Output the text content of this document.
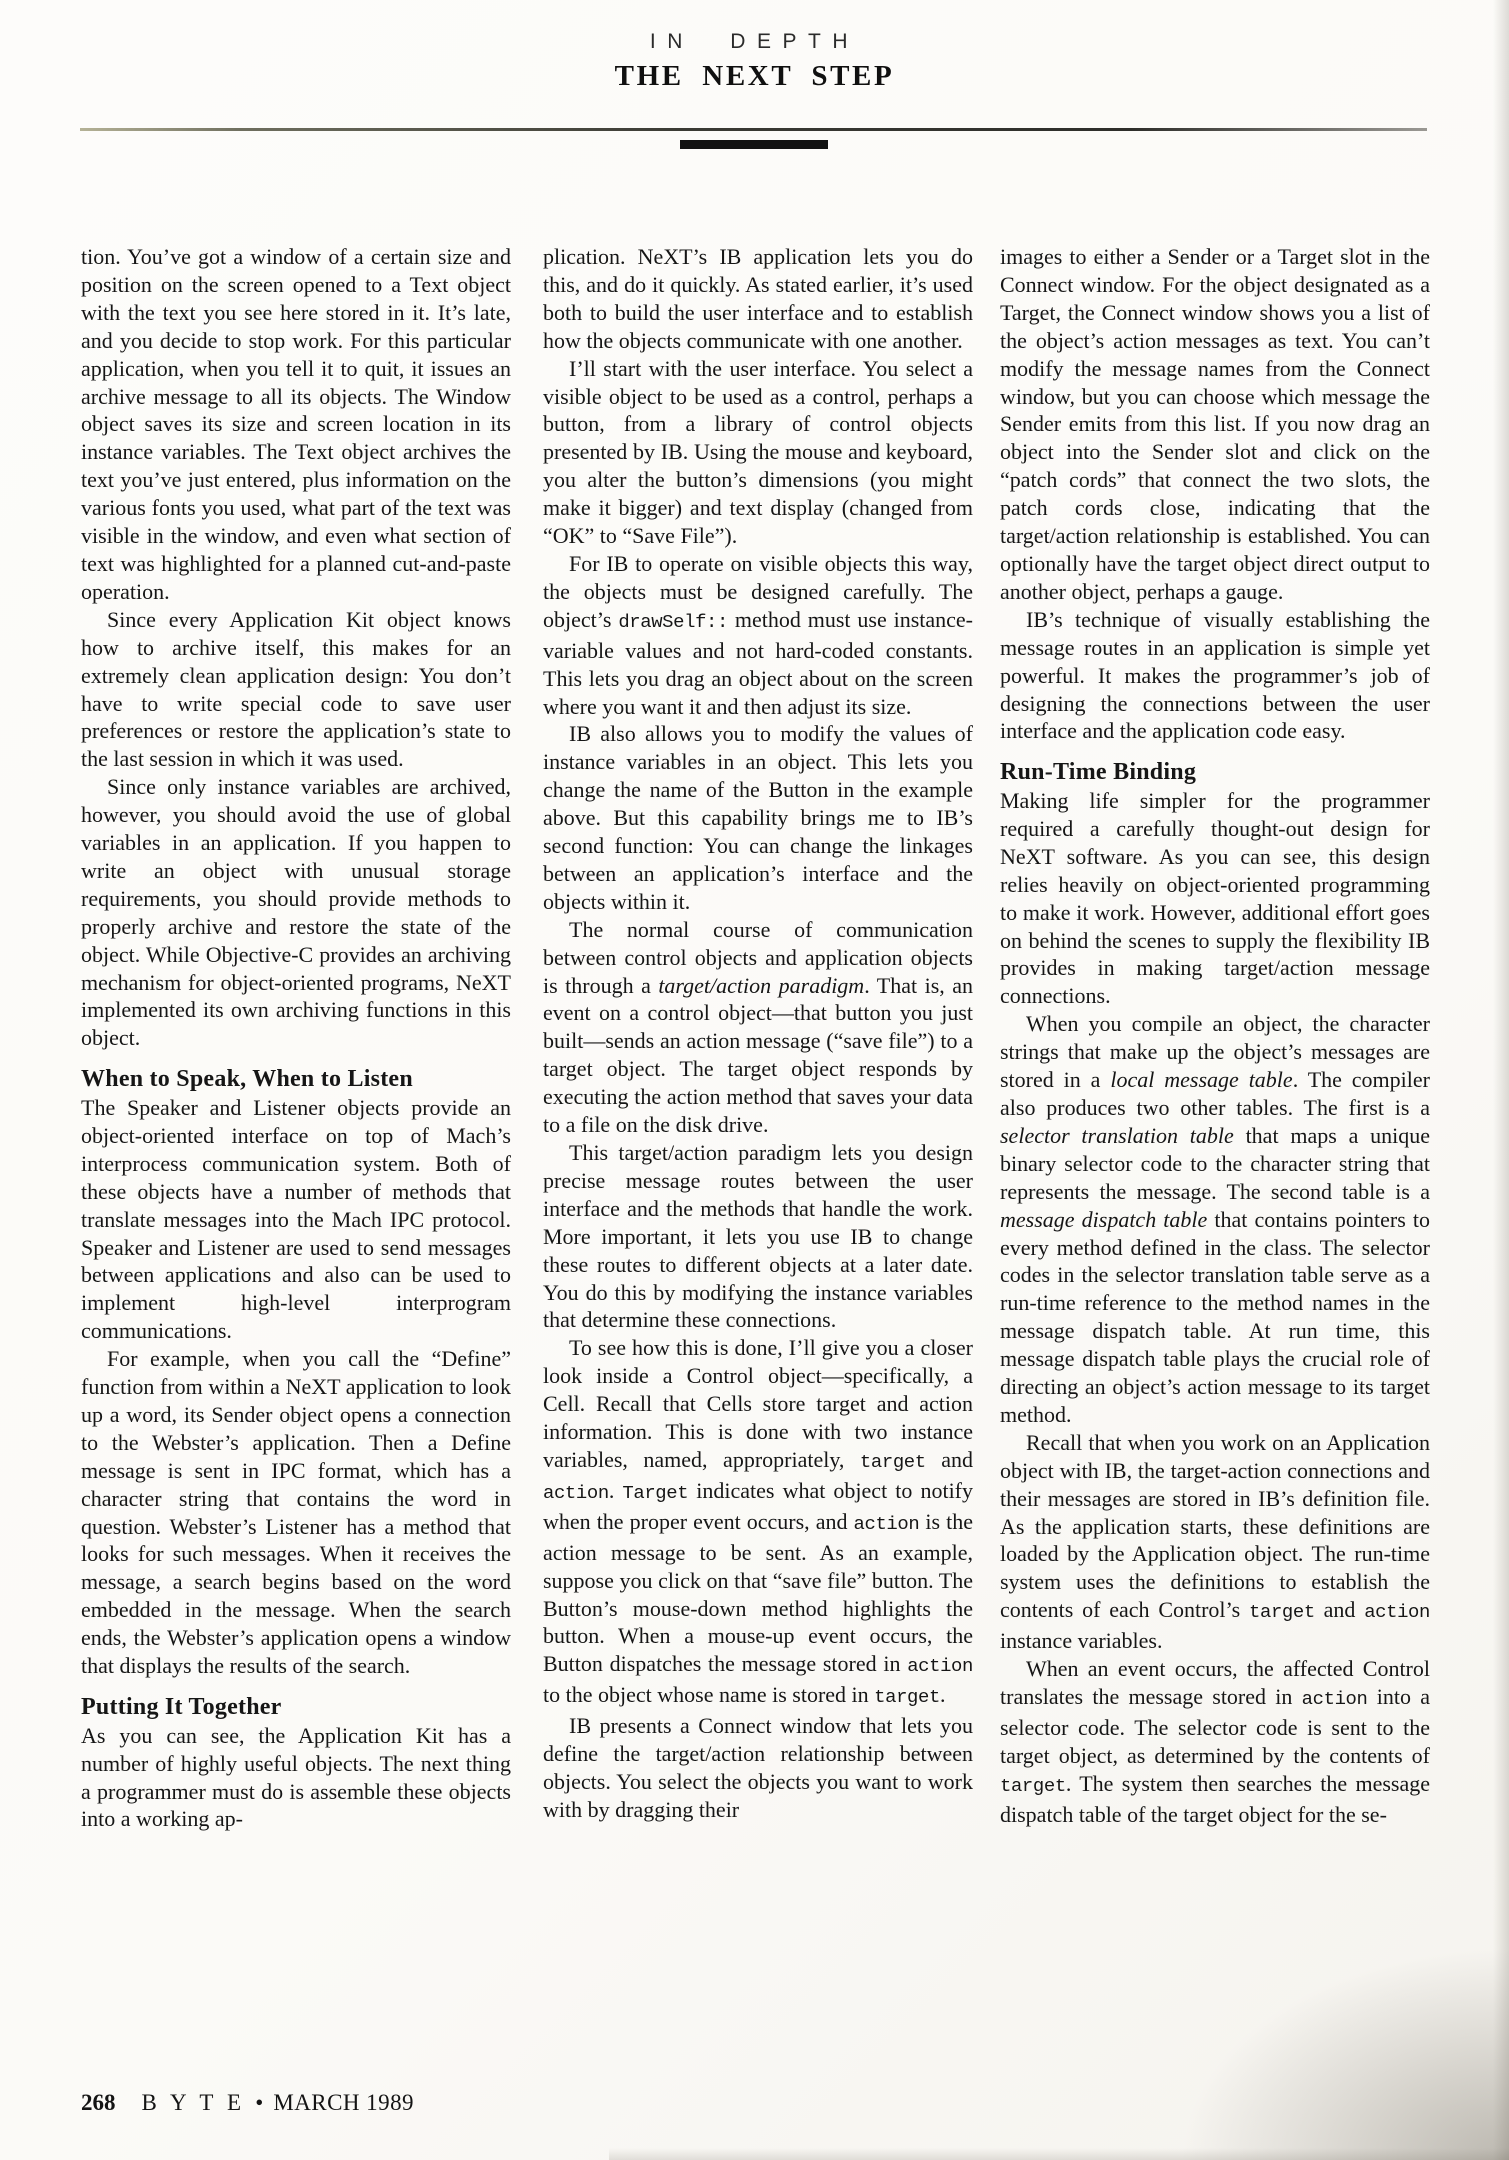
IN DEPTH
THE NEXT STEP

tion. You’ve got a window of a certain size and position on the screen opened to a Text object with the text you see here stored in it. It’s late, and you decide to stop work. For this particular application, when you tell it to quit, it issues an archive message to all its objects. The Window object saves its size and screen location in its instance variables. The Text object archives the text you’ve just entered, plus information on the various fonts you used, what part of the text was visible in the window, and even what section of text was highlighted for a planned cut-and-paste operation.

Since every Application Kit object knows how to archive itself, this makes for an extremely clean application design: You don’t have to write special code to save user preferences or restore the application’s state to the last session in which it was used.

Since only instance variables are archived, however, you should avoid the use of global variables in an application. If you happen to write an object with unusual storage requirements, you should provide methods to properly archive and restore the state of the object. While Objective-C provides an archiving mechanism for object-oriented programs, NeXT implemented its own archiving functions in this object.

When to Speak, When to Listen

The Speaker and Listener objects provide an object-oriented interface on top of Mach’s interprocess communication system. Both of these objects have a number of methods that translate messages into the Mach IPC protocol. Speaker and Listener are used to send messages between applications and also can be used to implement high-level interprogram communications.

For example, when you call the “Define” function from within a NeXT application to look up a word, its Sender object opens a connection to the Webster’s application. Then a Define message is sent in IPC format, which has a character string that contains the word in question. Webster’s Listener has a method that looks for such messages. When it receives the message, a search begins based on the word embedded in the message. When the search ends, the Webster’s application opens a window that displays the results of the search.

Putting It Together

As you can see, the Application Kit has a number of highly useful objects. The next thing a programmer must do is assemble these objects into a working ap-

plication. NeXT’s IB application lets you do this, and do it quickly. As stated earlier, it’s used both to build the user interface and to establish how the objects communicate with one another.

I’ll start with the user interface. You select a visible object to be used as a control, perhaps a button, from a library of control objects presented by IB. Using the mouse and keyboard, you alter the button’s dimensions (you might make it bigger) and text display (changed from “OK” to “Save File”).

For IB to operate on visible objects this way, the objects must be designed carefully. The object’s drawSelf:: method must use instance-variable values and not hard-coded constants. This lets you drag an object about on the screen where you want it and then adjust its size.

IB also allows you to modify the values of instance variables in an object. This lets you change the name of the Button in the example above. But this capability brings me to IB’s second function: You can change the linkages between an application’s interface and the objects within it.

The normal course of communication between control objects and application objects is through a target/action paradigm. That is, an event on a control object—that button you just built—sends an action message (“save file”) to a target object. The target object responds by executing the action method that saves your data to a file on the disk drive.

This target/action paradigm lets you design precise message routes between the user interface and the methods that handle the work. More important, it lets you use IB to change these routes to different objects at a later date. You do this by modifying the instance variables that determine these connections.

To see how this is done, I’ll give you a closer look inside a Control object—specifically, a Cell. Recall that Cells store target and action information. This is done with two instance variables, named, appropriately, target and action. Target indicates what object to notify when the proper event occurs, and action is the action message to be sent. As an example, suppose you click on that “save file” button. The Button’s mouse-down method highlights the button. When a mouse-up event occurs, the Button dispatches the message stored in action to the object whose name is stored in target.

IB presents a Connect window that lets you define the target/action relationship between objects. You select the objects you want to work with by dragging their

images to either a Sender or a Target slot in the Connect window. For the object designated as a Target, the Connect window shows you a list of the object’s action messages as text. You can’t modify the message names from the Connect window, but you can choose which message the Sender emits from this list. If you now drag an object into the Sender slot and click on the “patch cords” that connect the two slots, the patch cords close, indicating that the target/action relationship is established. You can optionally have the target object direct output to another object, perhaps a gauge.

IB’s technique of visually establishing the message routes in an application is simple yet powerful. It makes the programmer’s job of designing the connections between the user interface and the application code easy.

Run-Time Binding

Making life simpler for the programmer required a carefully thought-out design for NeXT software. As you can see, this design relies heavily on object-oriented programming to make it work. However, additional effort goes on behind the scenes to supply the flexibility IB provides in making target/action message connections.

When you compile an object, the character strings that make up the object’s messages are stored in a local message table. The compiler also produces two other tables. The first is a selector translation table that maps a unique binary selector code to the character string that represents the message. The second table is a message dispatch table that contains pointers to every method defined in the class. The selector codes in the selector translation table serve as a run-time reference to the method names in the message dispatch table. At run time, this message dispatch table plays the crucial role of directing an object’s action message to its target method.

Recall that when you work on an Application object with IB, the target-action connections and their messages are stored in IB’s definition file. As the application starts, these definitions are loaded by the Application object. The run-time system uses the definitions to establish the contents of each Control’s target and action instance variables.

When an event occurs, the affected Control translates the message stored in action into a selector code. The selector code is sent to the target object, as determined by the contents of target. The system then searches the message dispatch table of the target object for the se-

268 B Y T E • MARCH 1989
